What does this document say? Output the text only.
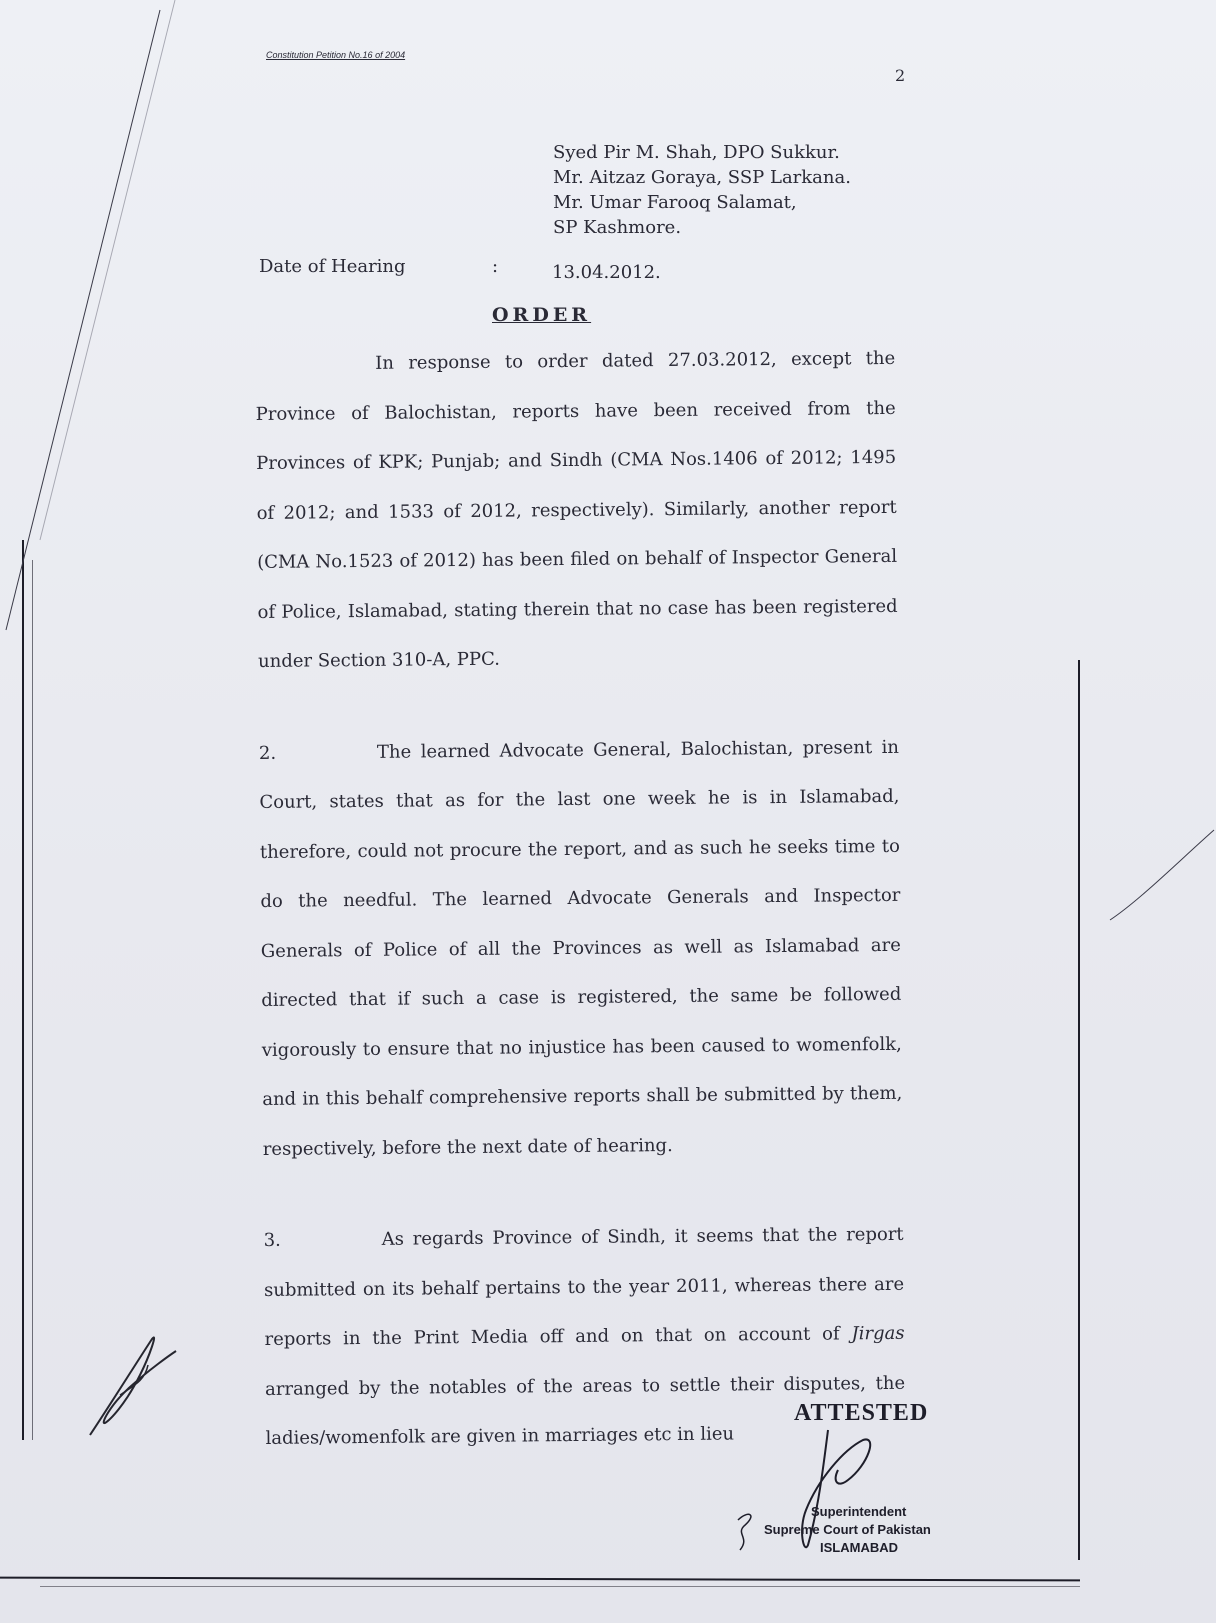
Constitution Petition No.16 of 2004
2
Syed Pir M. Shah, DPO Sukkur.
Mr. Aitzaz Goraya, SSP Larkana.
Mr. Umar Farooq Salamat,
SP Kashmore.
Date of Hearing	:	13.04.2012.
ORDER

In response to order dated 27.03.2012, except the Province of Balochistan, reports have been received from the Provinces of KPK; Punjab; and Sindh (CMA Nos.1406 of 2012; 1495 of 2012; and 1533 of 2012, respectively). Similarly, another report (CMA No.1523 of 2012) has been filed on behalf of Inspector General of Police, Islamabad, stating therein that no case has been registered under Section 310-A, PPC.

2.	The learned Advocate General, Balochistan, present in Court, states that as for the last one week he is in Islamabad, therefore, could not procure the report, and as such he seeks time to do the needful. The learned Advocate Generals and Inspector Generals of Police of all the Provinces as well as Islamabad are directed that if such a case is registered, the same be followed vigorously to ensure that no injustice has been caused to womenfolk, and in this behalf comprehensive reports shall be submitted by them, respectively, before the next date of hearing.

3.	As regards Province of Sindh, it seems that the report submitted on its behalf pertains to the year 2011, whereas there are reports in the Print Media off and on that on account of Jirgas arranged by the notables of the areas to settle their disputes, the ladies/womenfolk are given in marriages etc in lieu

ATTESTED
Superintendent
Supreme Court of Pakistan
ISLAMABAD
